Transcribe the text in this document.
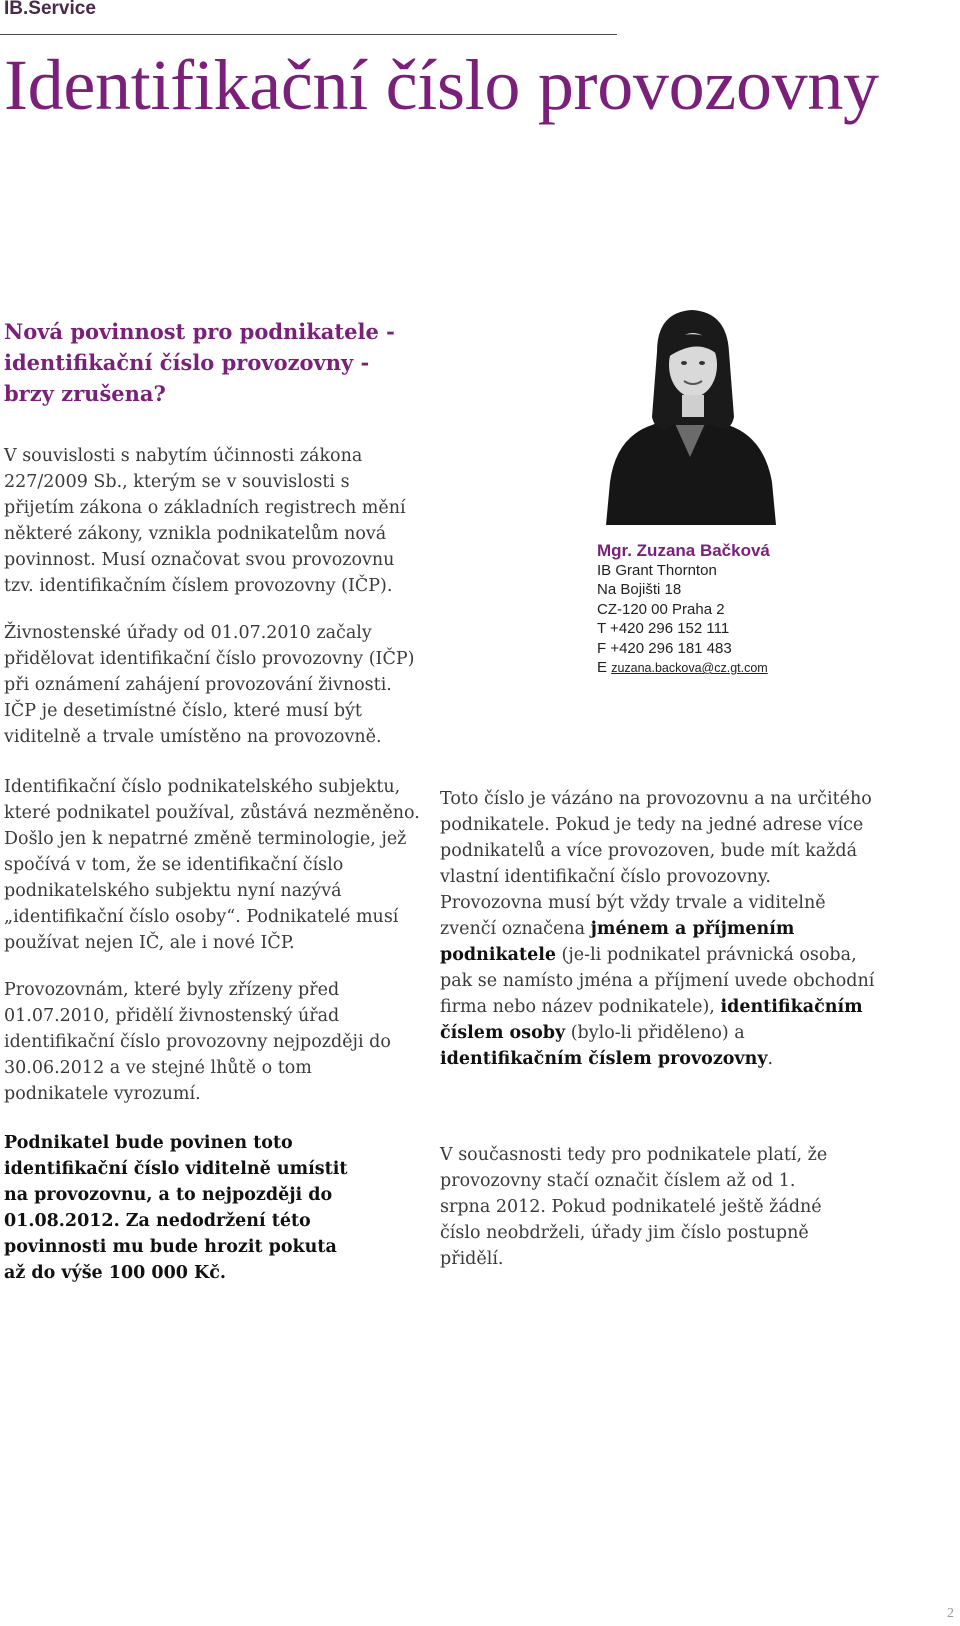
IB.Service
Identifikační číslo provozovny

Nová povinnost pro podnikatele - identifikační číslo provozovny - brzy zrušena?

V souvislosti s nabytím účinnosti zákona 227/2009 Sb., kterým se v souvislosti s přijetím zákona o základních registrech mění některé zákony, vznikla podnikatelům nová povinnost. Musí označovat svou provozovnu tzv. identifikačním číslem provozovny (IČP).

Živnostenské úřady od 01.07.2010 začaly přidělovat identifikační číslo provozovny (IČP) při oznámení zahájení provozování živnosti. IČP je desetimístné číslo, které musí být viditelně a trvale umístěno na provozovně.

Identifikační číslo podnikatelského subjektu, které podnikatel používal, zůstává nezměněno. Došlo jen k nepatrné změně terminologie, jež spočívá v tom, že se identifikační číslo podnikatelského subjektu nyní nazývá „identifikační číslo osoby“. Podnikatelé musí používat nejen IČ, ale i nové IČP.

Provozovnám, které byly zřízeny před 01.07.2010, přidělí živnostenský úřad identifikační číslo provozovny nejpozději do 30.06.2012 a ve stejné lhůtě o tom podnikatele vyrozumí.

Podnikatel bude povinen toto identifikační číslo viditelně umístit na provozovnu, a to nejpozději do 01.08.2012. Za nedodržení této povinnosti mu bude hrozit pokuta až do výše 100 000 Kč.

Toto číslo je vázáno na provozovnu a na určitého podnikatele. Pokud je tedy na jedné adrese více podnikatelů a více provozoven, bude mít každá vlastní identifikační číslo provozovny. Provozovna musí být vždy trvale a viditelně zvenčí označena jménem a příjmením podnikatele (je-li podnikatel právnická osoba, pak se namísto jména a příjmení uvede obchodní firma nebo název podnikatele), identifikačním číslem osoby (bylo-li přiděleno) a identifikačním číslem provozovny.

V současnosti tedy pro podnikatele platí, že provozovny stačí označit číslem až od 1. srpna 2012. Pokud podnikatelé ještě žádné číslo neobdrželi, úřady jim číslo postupně přidělí.

Mgr. Zuzana Bačková
IB Grant Thornton
Na Bojišti 18
CZ-120 00 Praha 2
T +420 296 152 111
F +420 296 181 483
E zuzana.backova@cz.gt.com
2
